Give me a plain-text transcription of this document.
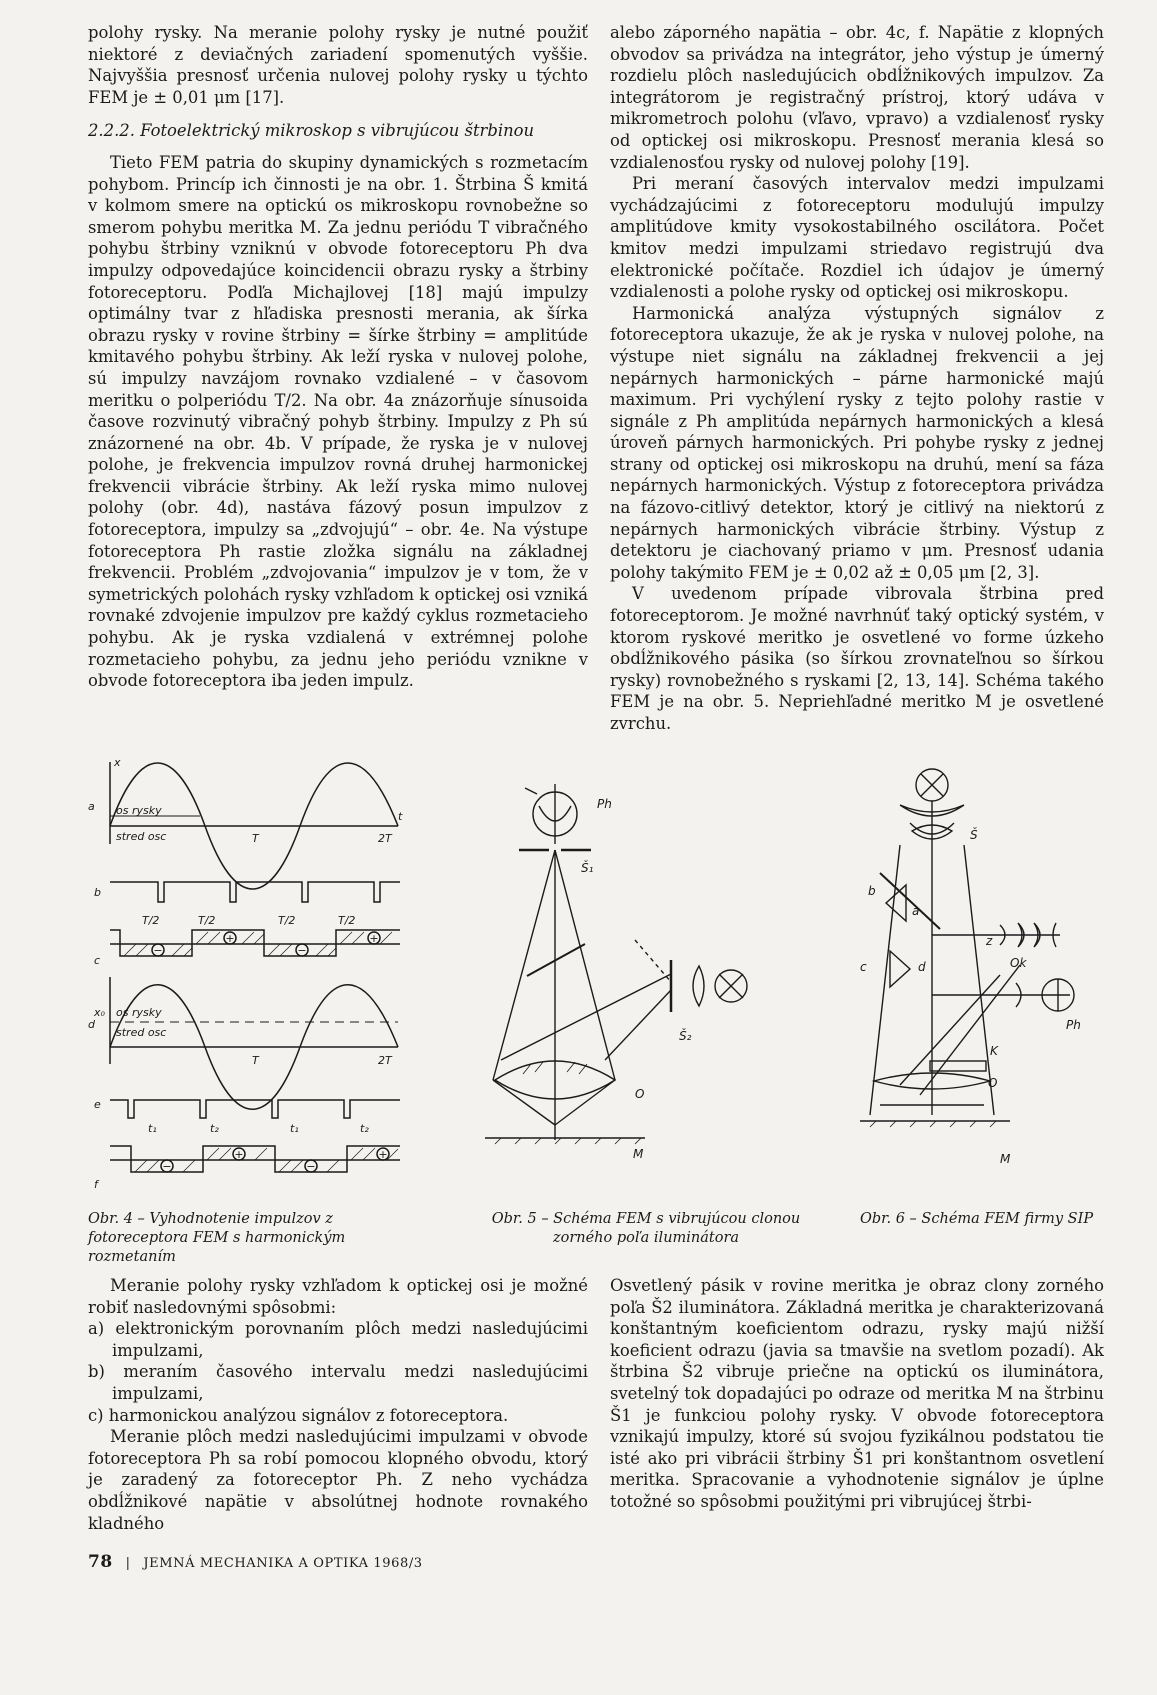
polohy rysky. Na meranie polohy rysky je nutné použiť niektoré z deviačných zariadení spomenutých vyššie. Najvyššia presnosť určenia nulovej polohy rysky u týchto FEM je ± 0,01 μm [17].

2.2.2. Fotoelektrický mikroskop s vibrujúcou štrbinou

Tieto FEM patria do skupiny dynamických s rozmetacím pohybom. Princíp ich činnosti je na obr. 1. Štrbina Š kmitá v kolmom smere na optickú os mikroskopu rovnobežne so smerom pohybu meritka M. Za jednu periódu T vibračného pohybu štrbiny vzniknú v obvode fotoreceptoru Ph dva impulzy odpovedajúce koincidencii obrazu rysky a štrbiny fotoreceptoru. Podľa Michajlovej [18] majú impulzy optimálny tvar z hľadiska presnosti merania, ak šírka obrazu rysky v rovine štrbiny = šírke štrbiny = amplitúde kmitavého pohybu štrbiny. Ak leží ryska v nulovej polohe, sú impulzy navzájom rovnako vzdialené – v časovom meritku o polperiódu T/2. Na obr. 4a znázorňuje sínusoida časove rozvinutý vibračný pohyb štrbiny. Impulzy z Ph sú znázornené na obr. 4b. V prípade, že ryska je v nulovej polohe, je frekvencia impulzov rovná druhej harmonickej frekvencii vibrácie štrbiny. Ak leží ryska mimo nulovej polohy (obr. 4d), nastáva fázový posun impulzov z fotoreceptora, impulzy sa „zdvojujú“ – obr. 4e. Na výstupe fotoreceptora Ph rastie zložka signálu na základnej frekvencii. Problém „zdvojovania“ impulzov je v tom, že v symetrických polohách rysky vzhľadom k optickej osi vzniká rovnaké zdvojenie impulzov pre každý cyklus rozmetacieho pohybu. Ak je ryska vzdialená v extrémnej polohe rozmetacieho pohybu, za jednu jeho periódu vznikne v obvode fotoreceptora iba jeden impulz.

alebo záporného napätia – obr. 4c, f. Napätie z klopných obvodov sa privádza na integrátor, jeho výstup je úmerný rozdielu plôch nasledujúcich obdĺžnikových impulzov. Za integrátorom je registračný prístroj, ktorý udáva v mikrometroch polohu (vľavo, vpravo) a vzdialenosť rysky od optickej osi mikroskopu. Presnosť merania klesá so vzdialenosťou rysky od nulovej polohy [19].

Pri meraní časových intervalov medzi impulzami vychádzajúcimi z fotoreceptoru modulujú impulzy amplitúdove kmity vysokostabilného oscilátora. Počet kmitov medzi impulzami striedavo registrujú dva elektronické počítače. Rozdiel ich údajov je úmerný vzdialenosti a polohe rysky od optickej osi mikroskopu.

Harmonická analýza výstupných signálov z fotoreceptora ukazuje, že ak je ryska v nulovej polohe, na výstupe niet signálu na základnej frekvencii a jej nepárnych harmonických – párne harmonické majú maximum. Pri vychýlení rysky z tejto polohy rastie v signále z Ph amplitúda nepárnych harmonických a klesá úroveň párnych harmonických. Pri pohybe rysky z jednej strany od optickej osi mikroskopu na druhú, mení sa fáza nepárnych harmonických. Výstup z fotoreceptora privádza na fázovo-citlivý detektor, ktorý je citlivý na niektorú z nepárnych harmonických vibrácie štrbiny. Výstup z detektoru je ciachovaný priamo v μm. Presnosť udania polohy takýmito FEM je ± 0,02 až ± 0,05 μm [2, 3].

V uvedenom prípade vibrovala štrbina pred fotoreceptorom. Je možné navrhnúť taký optický systém, v ktorom ryskové meritko je osvetlené vo forme úzkeho obdĺžnikového pásika (so šírkou zrovnateľnou so šírkou rysky) rovnobežného s ryskami [2, 13, 14]. Schéma takého FEM je na obr. 5. Nepriehľadné meritko M je osvetlené zvrchu.

a
x
os rysky
stred osc	T	2T
t
b
T/2	T/2	T/2	T/2
c
d
x₀ os rysky
stred osc
T	2T
e
t₁	t₂	t₁	t₂
f
−
+
−
+
−
+
−
+
Ph
Š₁
Š₂
O
M
Š
b
a
c	d
z
Ok
Ph
K
O
M
Obr. 4 – Vyhodnotenie impulzov z fotoreceptora FEM s harmonickým rozmetaním
Obr. 5 – Schéma FEM s vibrujúcou clonou zorného poľa iluminátora
Obr. 6 – Schéma FEM firmy SIP

Meranie polohy rysky vzhľadom k optickej osi je možné robiť nasledovnými spôsobmi:

a) elektronickým porovnaním plôch medzi nasledujúcimi impulzami,
b) meraním časového intervalu medzi nasledujúcimi impulzami,
c) harmonickou analýzou signálov z fotoreceptora.

Meranie plôch medzi nasledujúcimi impulzami v obvode fotoreceptora Ph sa robí pomocou klopného obvodu, ktorý je zaradený za fotoreceptor Ph. Z neho vychádza obdĺžnikové napätie v absolútnej hodnote rovnakého kladného

Osvetlený pásik v rovine meritka je obraz clony zorného poľa Š2 iluminátora. Základná meritka je charakterizovaná konštantným koeficientom odrazu, rysky majú nižší koeficient odrazu (javia sa tmavšie na svetlom pozadí). Ak štrbina Š2 vibruje priečne na optickú os iluminátora, svetelný tok dopadajúci po odraze od meritka M na štrbinu Š1 je funkciou polohy rysky. V obvode fotoreceptora vznikajú impulzy, ktoré sú svojou fyzikálnou podstatou tie isté ako pri vibrácii štrbiny Š1 pri konštantnom osvetlení meritka. Spracovanie a vyhodnotenie signálov je úplne totožné so spôsobmi použitými pri vibrujúcej štrbi-

78 | JEMNÁ MECHANIKA A OPTIKA 1968/3
